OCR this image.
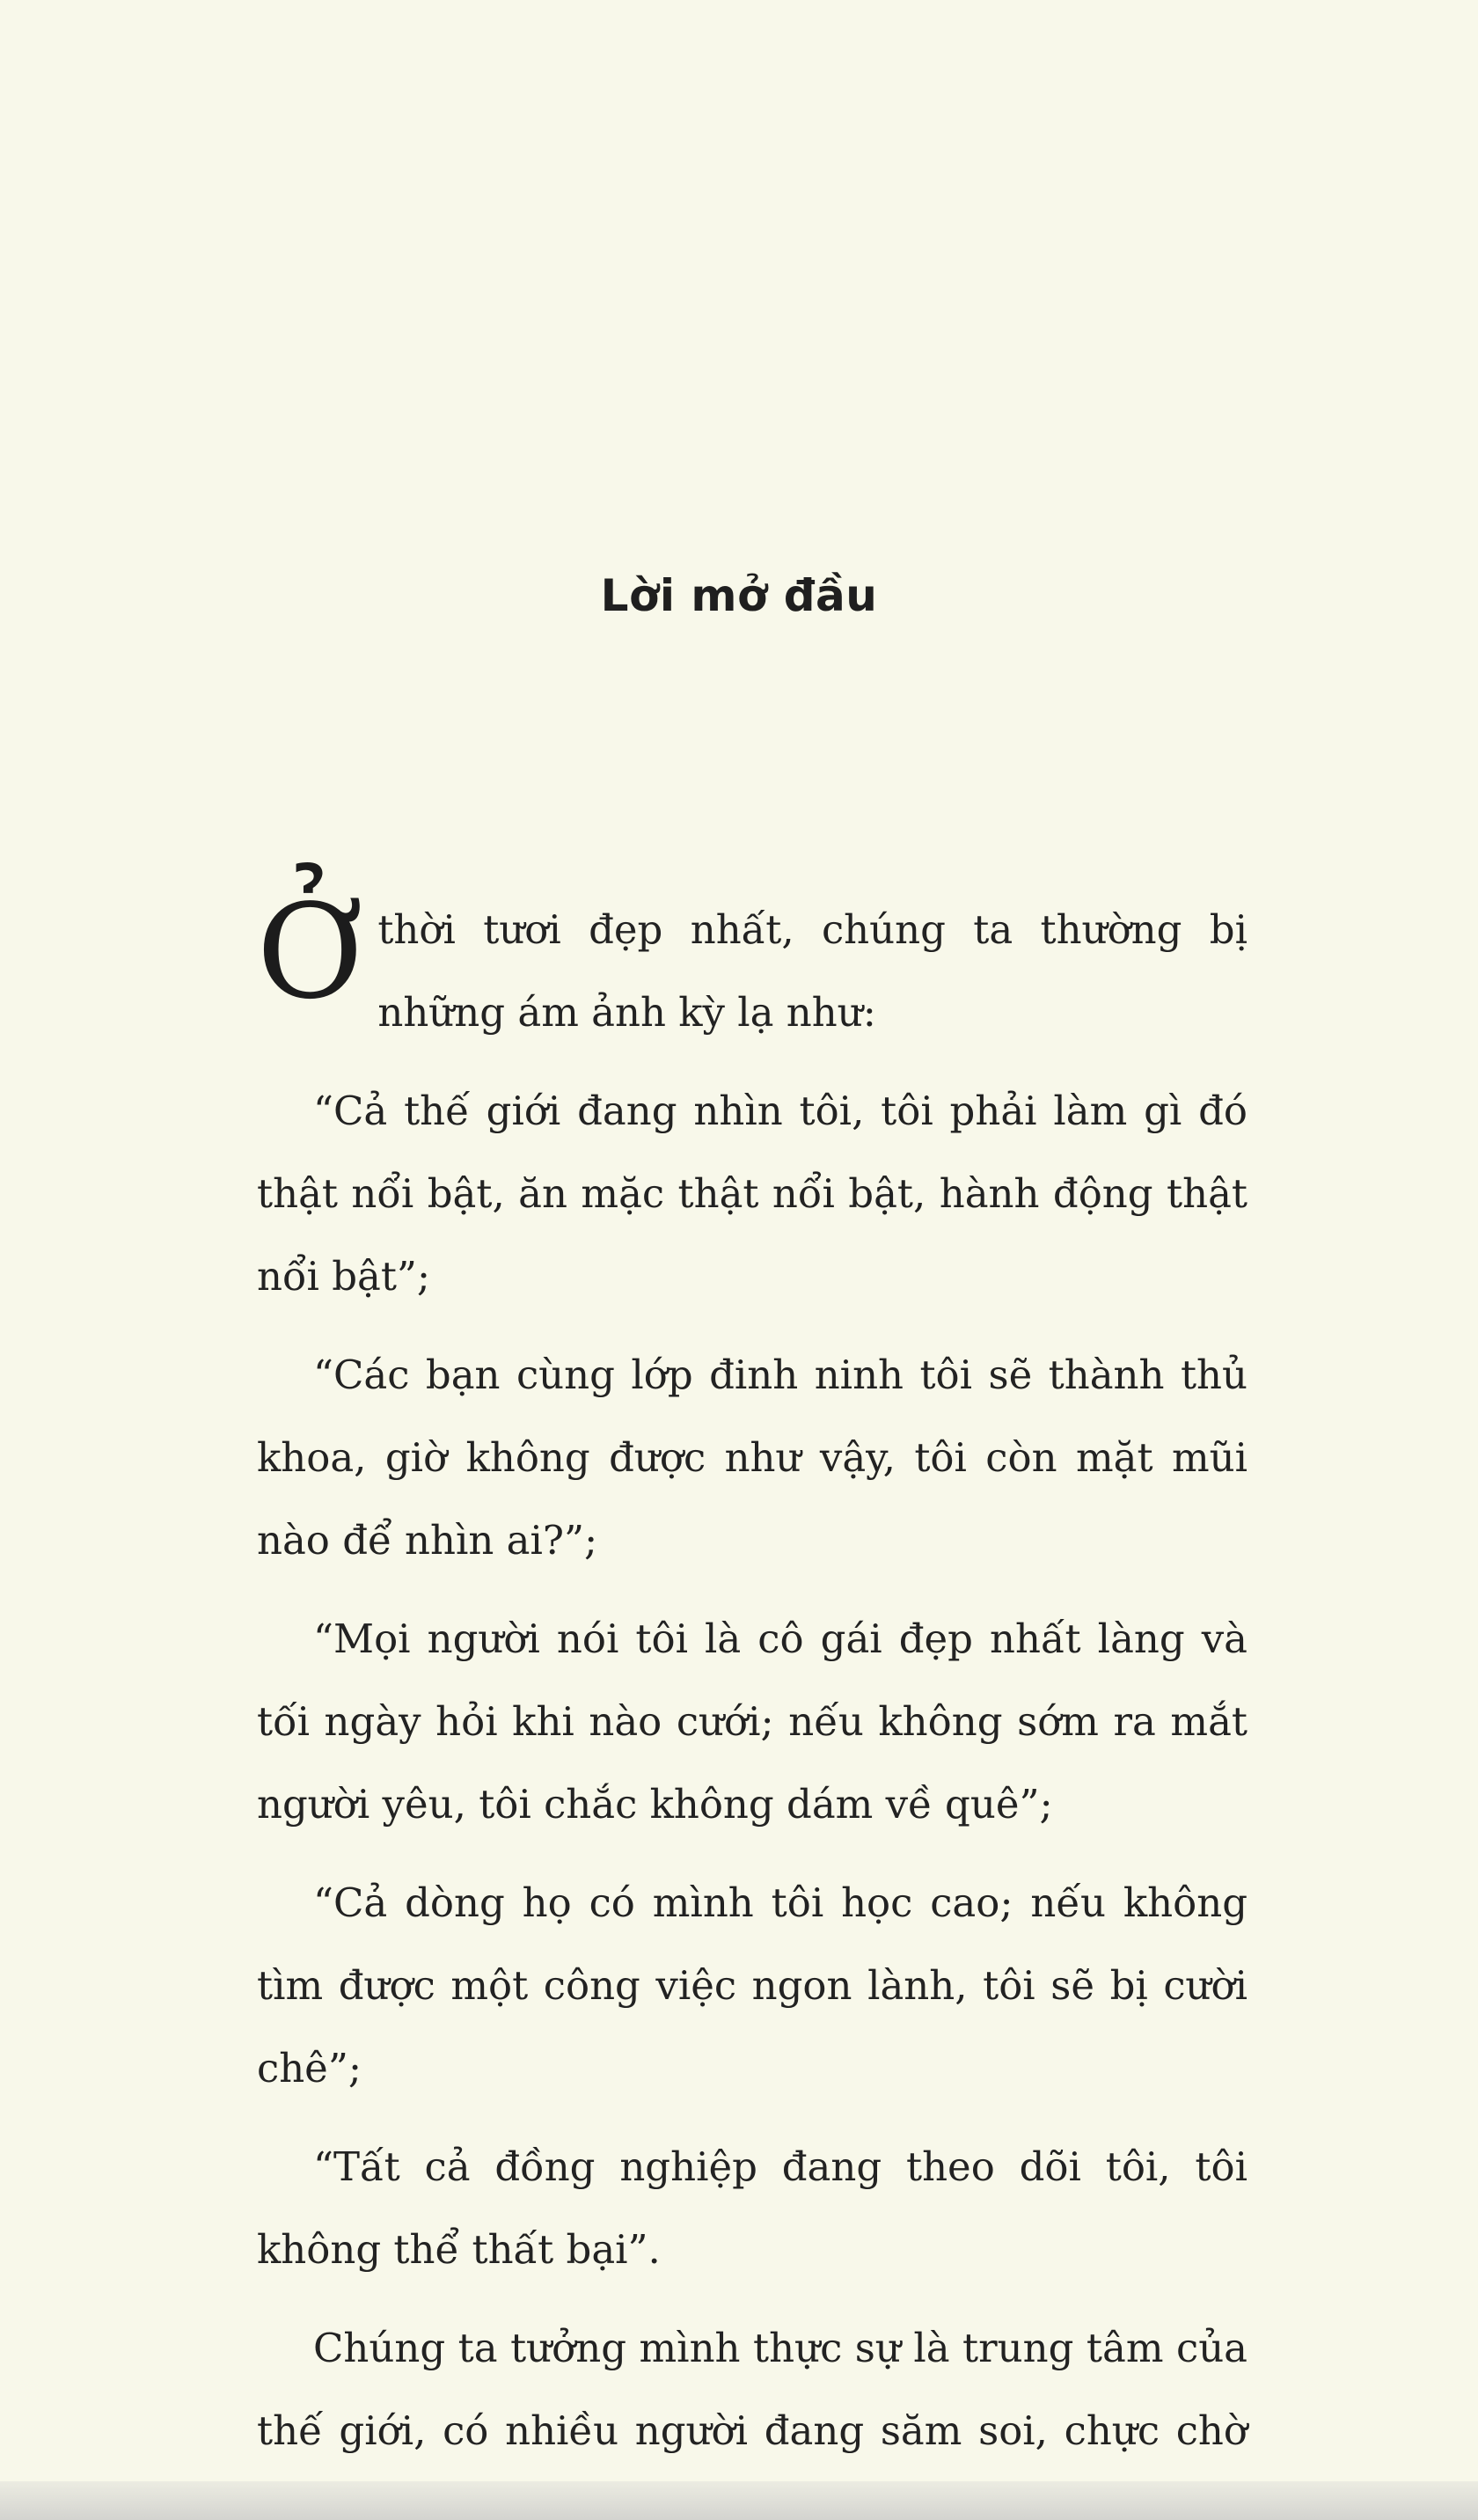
Lời mở đầu

Ở thời tươi đẹp nhất, chúng ta thường bị những ám ảnh kỳ lạ như:

“Cả thế giới đang nhìn tôi, tôi phải làm gì đó thật nổi bật, ăn mặc thật nổi bật, hành động thật nổi bật”;

“Các bạn cùng lớp đinh ninh tôi sẽ thành thủ khoa, giờ không được như vậy, tôi còn mặt mũi nào để nhìn ai?”;

“Mọi người nói tôi là cô gái đẹp nhất làng và tối ngày hỏi khi nào cưới; nếu không sớm ra mắt người yêu, tôi chắc không dám về quê”;

“Cả dòng họ có mình tôi học cao; nếu không tìm được một công việc ngon lành, tôi sẽ bị cười chê”;

“Tất cả đồng nghiệp đang theo dõi tôi, tôi không thể thất bại”.

Chúng ta tưởng mình thực sự là trung tâm của thế giới, có nhiều người đang săm soi, chực chờ
